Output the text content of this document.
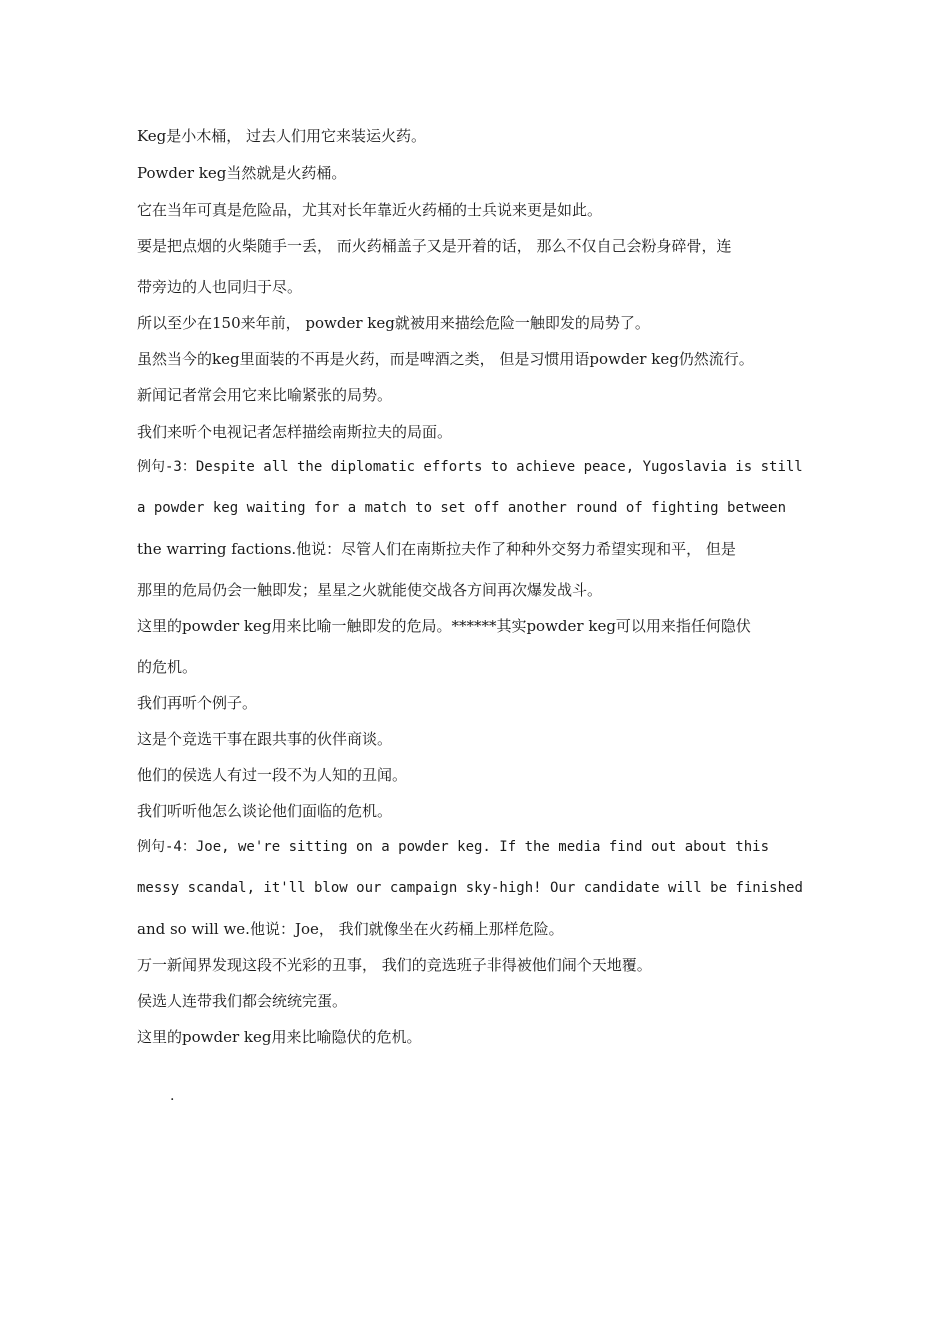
Keg是小木桶， 过去人们用它来装运火药。
Powder keg当然就是火药桶。
它在当年可真是危险品，尤其对长年靠近火药桶的士兵说来更是如此。
要是把点烟的火柴随手一丢， 而火药桶盖子又是开着的话， 那么不仅自己会粉身碎骨，连
带旁边的人也同归于尽。
所以至少在150来年前， powder keg就被用来描绘危险一触即发的局势了。
虽然当今的keg里面装的不再是火药，而是啤酒之类， 但是习惯用语powder keg仍然流行。
新闻记者常会用它来比喻紧张的局势。
我们来听个电视记者怎样描绘南斯拉夫的局面。
例句-3：Despite all the diplomatic efforts to achieve peace, Yugoslavia is still
a powder keg waiting for a match to set off another round of fighting between
the warring factions.他说：尽管人们在南斯拉夫作了种种外交努力希望实现和平， 但是
那里的危局仍会一触即发；星星之火就能使交战各方间再次爆发战斗。
这里的powder keg用来比喻一触即发的危局。******其实powder keg可以用来指任何隐伏
的危机。
我们再听个例子。
这是个竞选干事在跟共事的伙伴商谈。
他们的侯选人有过一段不为人知的丑闻。
我们听听他怎么谈论他们面临的危机。
例句-4：Joe, we're sitting on a powder keg. If the media find out about this
messy scandal, it'll blow our campaign sky-high! Our candidate will be finished
and so will we.他说：Joe， 我们就像坐在火药桶上那样危险。
万一新闻界发现这段不光彩的丑事， 我们的竞选班子非得被他们闹个天地覆。
侯选人连带我们都会统统完蛋。
这里的powder keg用来比喻隐伏的危机。
.
